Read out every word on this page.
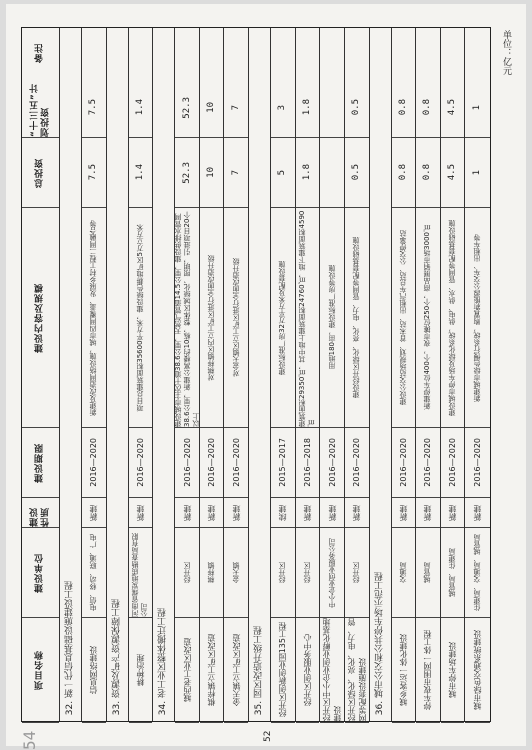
54
单位：亿元
项目名称
建设单位
建设性质
建设期限
建设内容及规模
总投资
“十三五”计划投资
备注
32. 新一代信息基础设施建设工程 信息网络建设
电信、移动、联通、广电
新建
2016—2020
新建及改造网络设施，城市四网覆盖、发展乡村工程二网融合等
7.5
7.5
33. 资源及矿产资源保障工程 耕种治理
河南省煤炭地质勘查局有限公司
新建
2016—2020
项目总建筑面积35600平方米，建设绿色耕地矿区5万立方米
1.4
1.4
34. 老工业区整体搬迁工程 城西老工业区改造
经开区
新建
2016—2020
建设城市主次干道38.6公里，天然气管道14.5公里，建设供排水管网38.6公里，新建公寓楼约10栋，整体区域绿化、照明，引进项目20个以上
52.3
52.3
棋梓镇立工矿区改造
棋梓镇
新建
2016—2020
对棋梓镇区内立工矿区进行全面改造升级
10
10
金天镇立工矿区改造
金天镇
新建
2016—2020
对金天镇区立工矿区进行全面改造升级
7
7
35. 园区改造升级工程 经开区创新创业园135工程
经开区
续建
2015—2017
建设标准厂房32万平方米及配套设施
5
3
经开区创业服务中心
经开区
新建
2016—2018
建筑面积29350㎡，其中地上建筑面积24760㎡，地下建筑面积4590㎡
1.8
1.8
经开区中小企业创业孵化基地建设
中小企业创业服务公司
新建
2016—2020
用地180亩，建设标准厂房等设施
经开区绿化、亮化、电力、管网等配套设施建设
经开区
新建
2016—2020
建设经开区绿化、亮化、电力、管网等配套基础设施
0.5
0.5
36. 城市公交和公共停车场示范工程 城乡客运一体化建设
交通局
新建
2016—2020
建设公交站场规划、首末站、出租汽车总站、公交停靠站
0.8
0.8
停车夜市围网一体工程
城管局
新建
2016—2020
新建停车位400个，夜市摊位250个，商品展销市场3000㎡
0.8
0.8
城市停车场建设
城管局、住建局
新建
2016—2020
建设城市停车场及绿化系统，供电、供水、管网等配套基础设施
4.5
4.5
城市绿色交通系统建设
住建局、交通局、城管局
新建
2016—2020
新建城市绿色慢行系统，购置新能源公交车、出租车等
1
1
52
